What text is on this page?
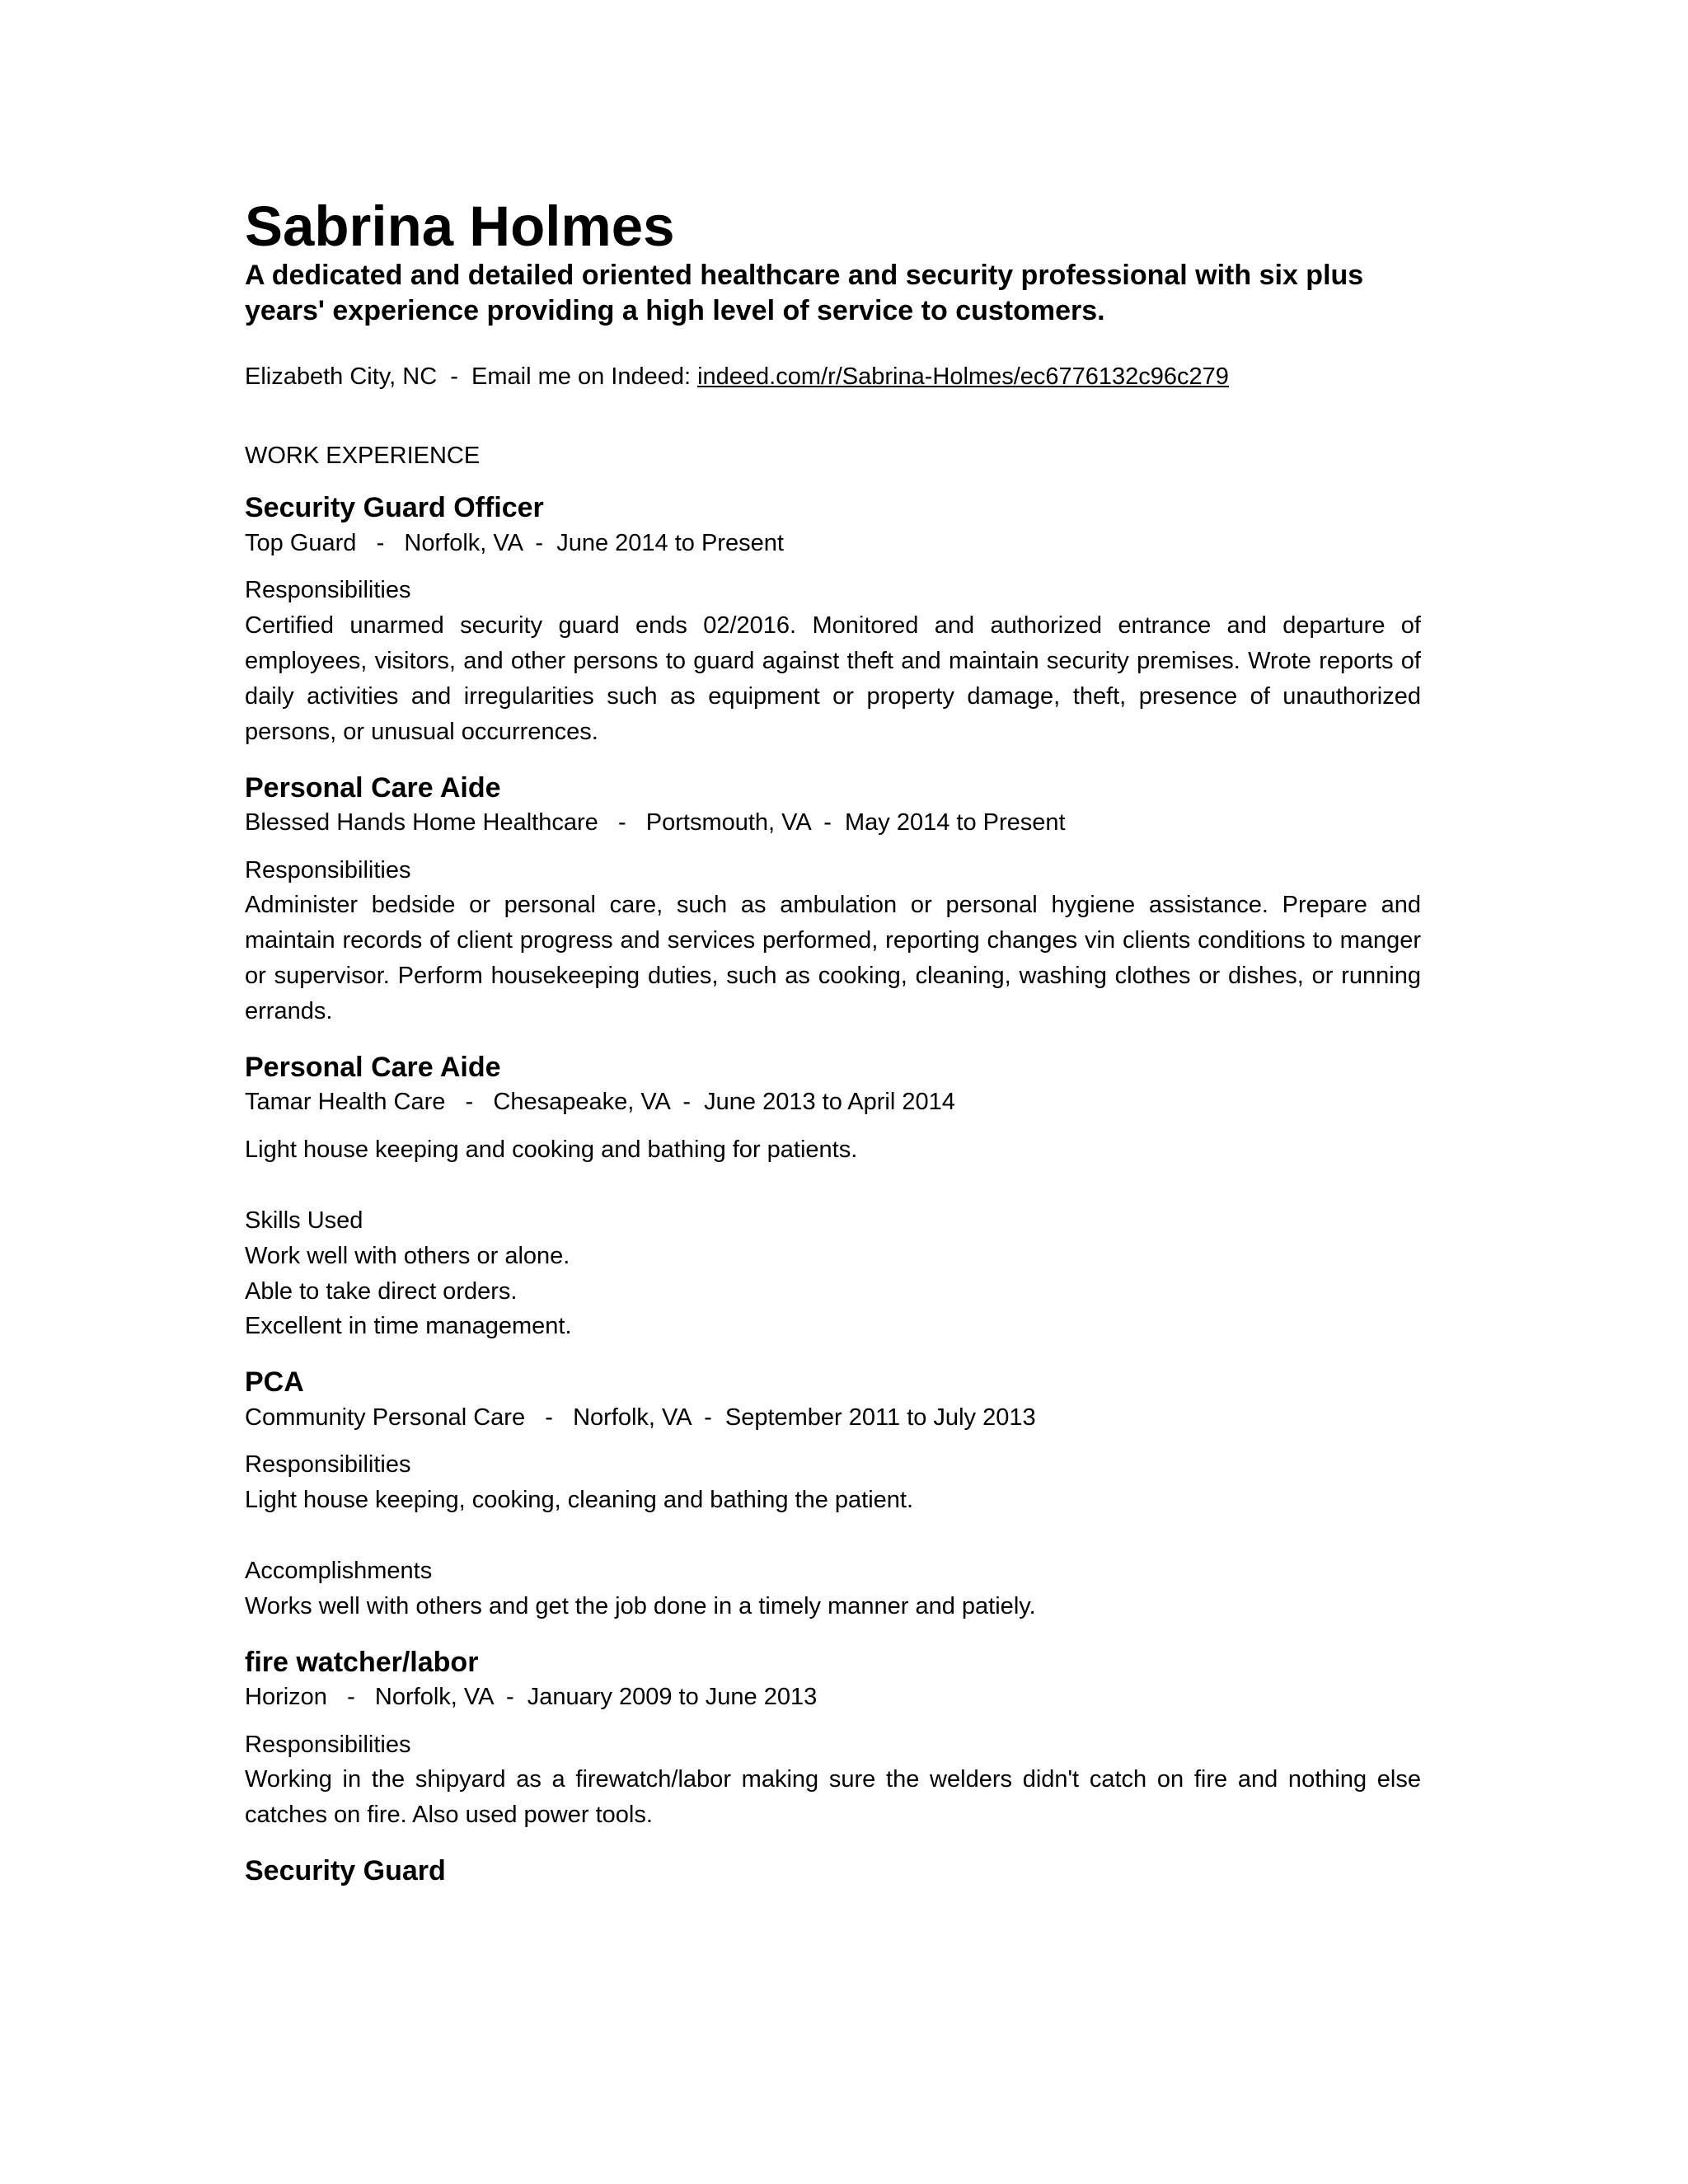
Sabrina Holmes

A dedicated and detailed oriented healthcare and security professional with six plus years' experience providing a high level of service to customers.

Elizabeth City, NC  -  Email me on Indeed: indeed.com/r/Sabrina-Holmes/ec6776132c96c279
WORK EXPERIENCE
Security Guard Officer
Top Guard   -   Norfolk, VA  -  June 2014 to Present
Responsibilities
Certified unarmed security guard ends 02/2016. Monitored and authorized entrance and departure of employees, visitors, and other persons to guard against theft and maintain security premises. Wrote reports of daily activities and irregularities such as equipment or property damage, theft, presence of unauthorized persons, or unusual occurrences.
Personal Care Aide
Blessed Hands Home Healthcare   -   Portsmouth, VA  -  May 2014 to Present
Responsibilities
Administer bedside or personal care, such as ambulation or personal hygiene assistance. Prepare and maintain records of client progress and services performed, reporting changes vin clients conditions to manger or supervisor. Perform housekeeping duties, such as cooking, cleaning, washing clothes or dishes, or running errands.
Personal Care Aide
Tamar Health Care   -   Chesapeake, VA  -  June 2013 to April 2014
Light house keeping and cooking and bathing for patients.
Skills Used
Work well with others or alone.
Able to take direct orders.
Excellent in time management.
PCA
Community Personal Care   -   Norfolk, VA  -  September 2011 to July 2013
Responsibilities
Light house keeping, cooking, cleaning and bathing the patient.
Accomplishments
Works well with others and get the job done in a timely manner and patiely.
fire watcher/labor
Horizon   -   Norfolk, VA  -  January 2009 to June 2013
Responsibilities
Working in the shipyard as a firewatch/labor making sure the welders didn't catch on fire and nothing else catches on fire. Also used power tools.
Security Guard
